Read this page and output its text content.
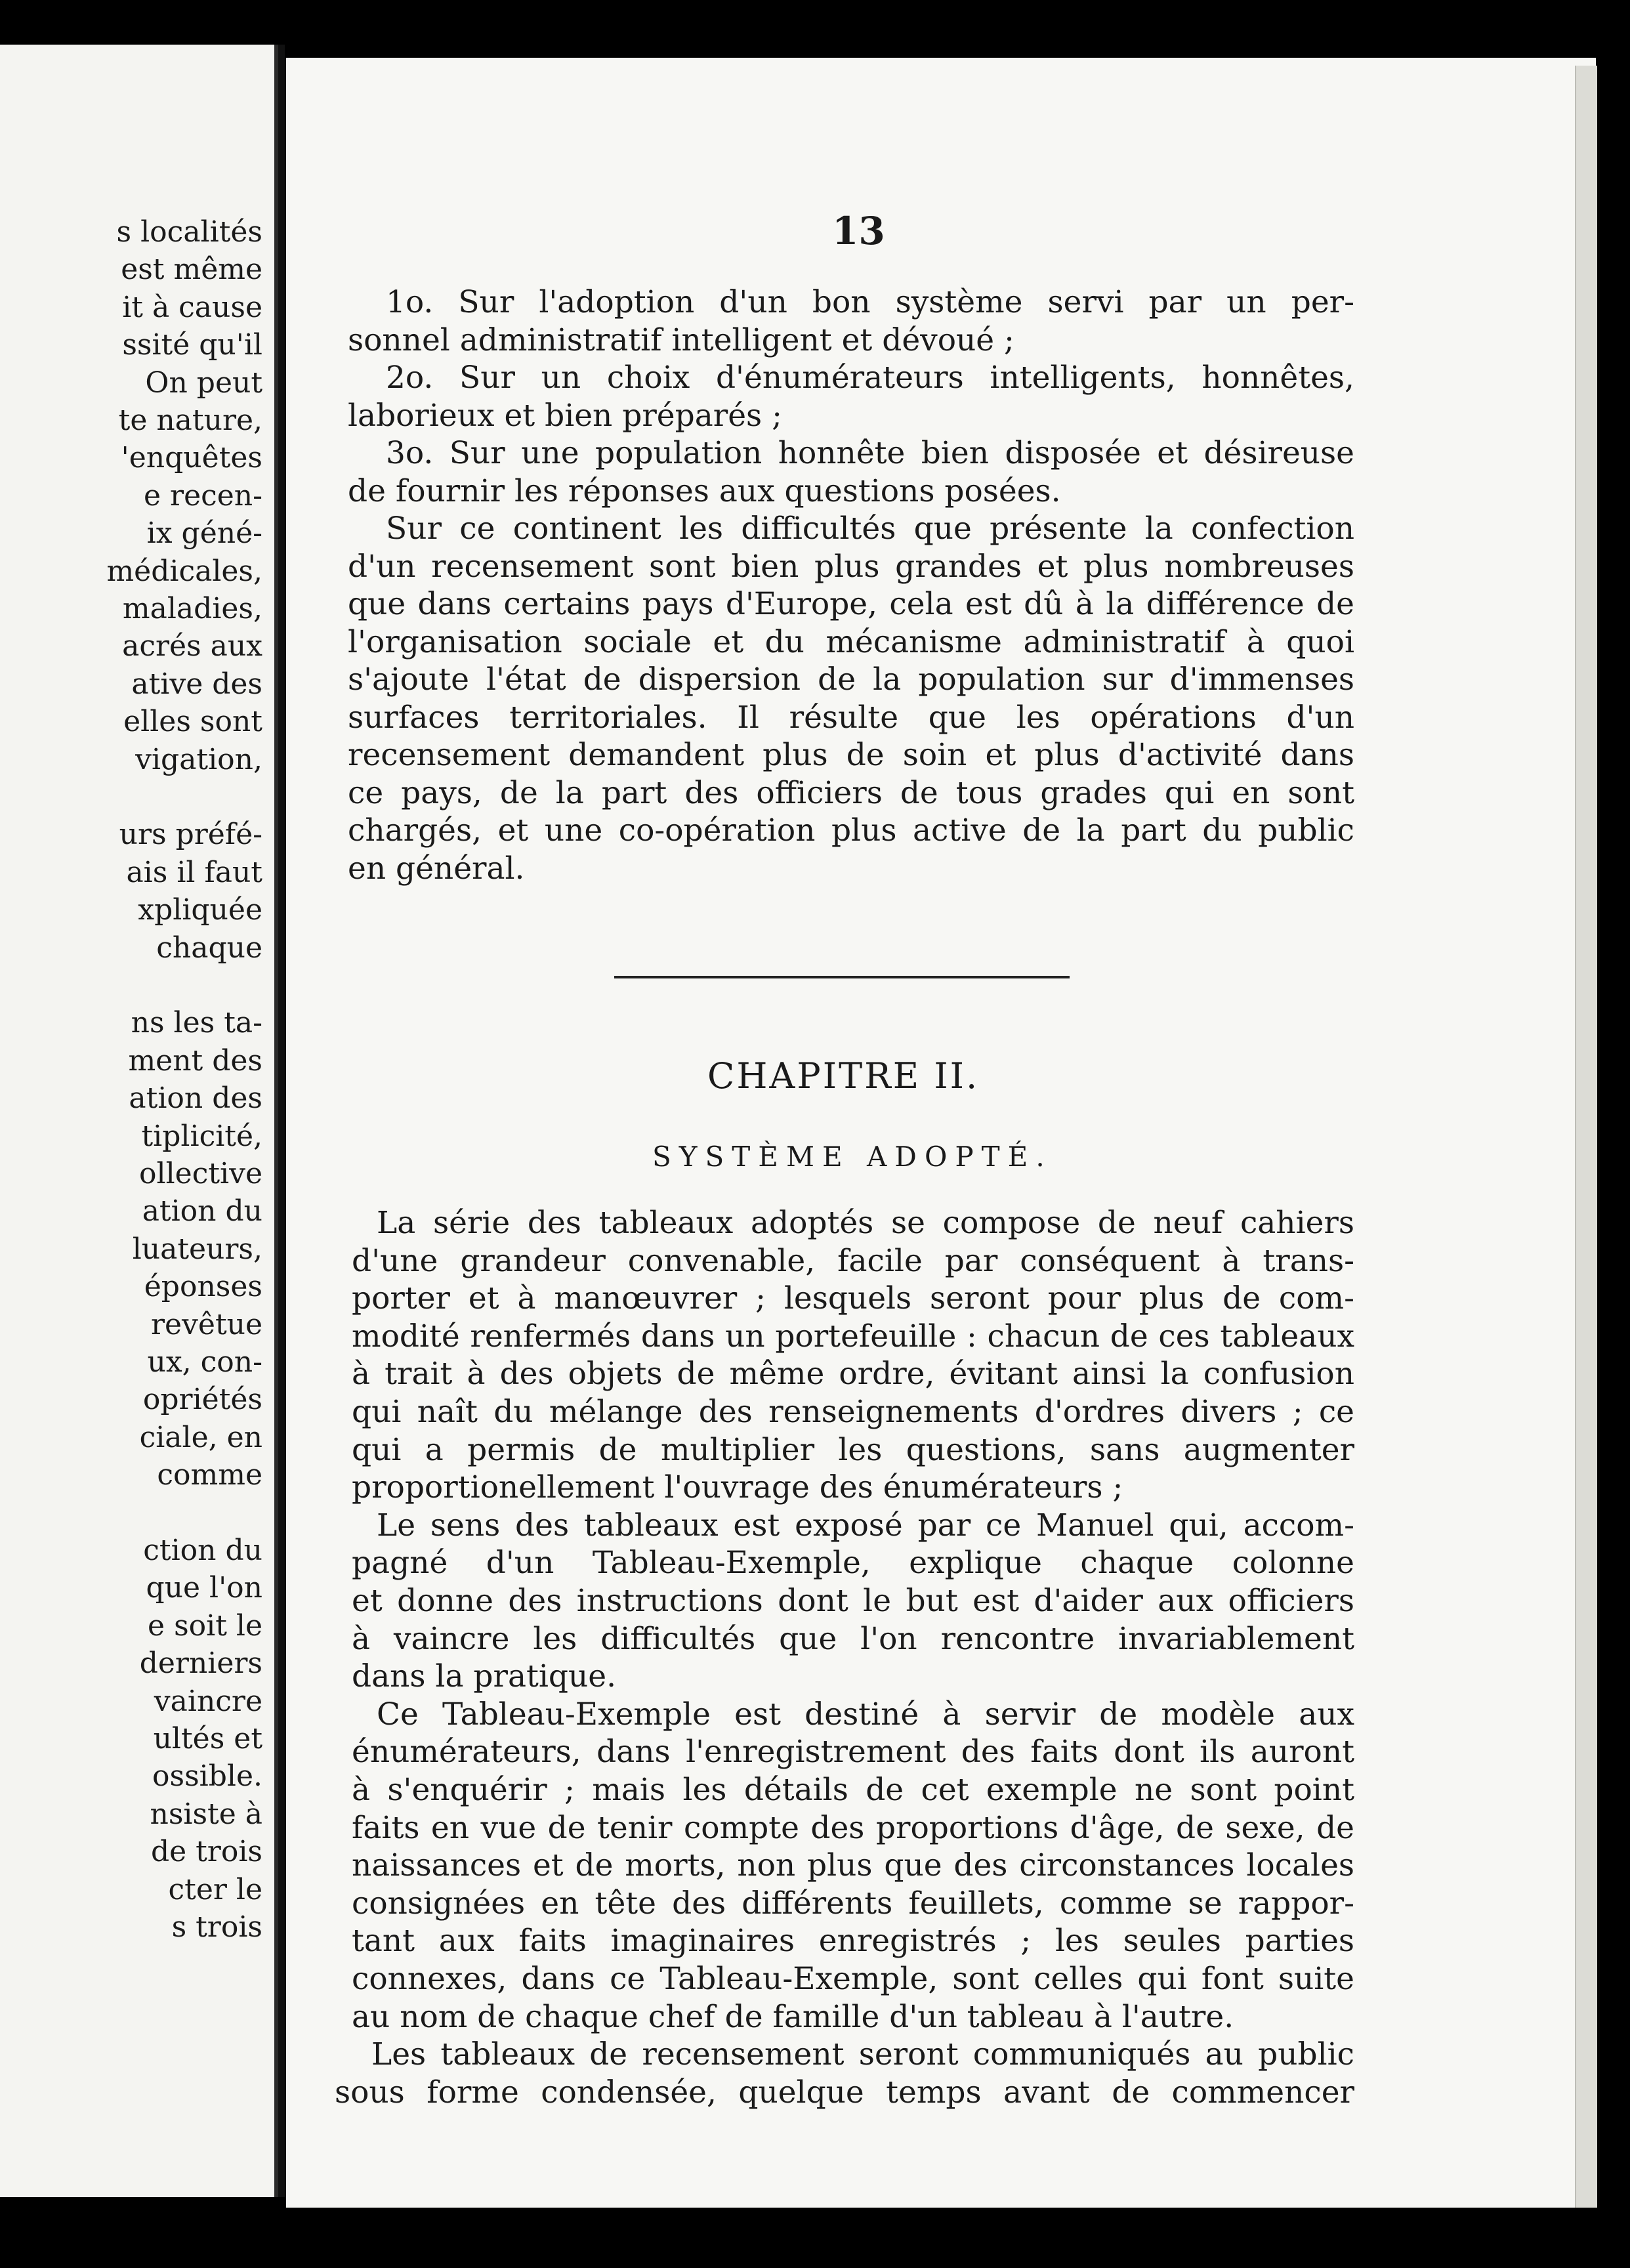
s localités
est même
it à cause
ssité qu'il
On peut
te nature,
'enquêtes
e recen-
ix géné-
médicales,
maladies,
acrés aux
ative des
elles sont
vigation,
urs préfé-
ais il faut
xpliquée
chaque
ns les ta-
ment des
ation des
tiplicité,
ollective
ation du
luateurs,
éponses
revêtue
ux, con-
opriétés
ciale, en
comme
ction du
que l'on
e soit le
derniers
vaincre
ultés et
ossible.
nsiste à
de trois
cter le
s trois
13
1o. Sur l'adoption d'un bon système servi par un per-
sonnel administratif intelligent et dévoué ;
2o. Sur un choix d'énumérateurs intelligents, honnêtes,
laborieux et bien préparés ;
3o. Sur une population honnête bien disposée et désireuse
de fournir les réponses aux questions posées.
Sur ce continent les difficultés que présente la confection
d'un recensement sont bien plus grandes et plus nombreuses
que dans certains pays d'Europe, cela est dû à la différence de
l'organisation sociale et du mécanisme administratif à quoi
s'ajoute l'état de dispersion de la population sur d'immenses
surfaces territoriales. Il résulte que les opérations d'un
recensement demandent plus de soin et plus d'activité dans
ce pays, de la part des officiers de tous grades qui en sont
chargés, et une co-opération plus active de la part du public
en général.
CHAPITRE II.
SYSTÈME ADOPTÉ.
La série des tableaux adoptés se compose de neuf cahiers
d'une grandeur convenable, facile par conséquent à trans-
porter et à manœuvrer ; lesquels seront pour plus de com-
modité renfermés dans un portefeuille : chacun de ces tableaux
à trait à des objets de même ordre, évitant ainsi la confusion
qui naît du mélange des renseignements d'ordres divers ; ce
qui a permis de multiplier les questions, sans augmenter
proportionellement l'ouvrage des énumérateurs ;
Le sens des tableaux est exposé par ce Manuel qui, accom-
pagné d'un Tableau-Exemple, explique chaque colonne
et donne des instructions dont le but est d'aider aux officiers
à vaincre les difficultés que l'on rencontre invariablement
dans la pratique.
Ce Tableau-Exemple est destiné à servir de modèle aux
énumérateurs, dans l'enregistrement des faits dont ils auront
à s'enquérir ; mais les détails de cet exemple ne sont point
faits en vue de tenir compte des proportions d'âge, de sexe, de
naissances et de morts, non plus que des circonstances locales
consignées en tête des différents feuillets, comme se rappor-
tant aux faits imaginaires enregistrés ; les seules parties
connexes, dans ce Tableau-Exemple, sont celles qui font suite
au nom de chaque chef de famille d'un tableau à l'autre.
Les tableaux de recensement seront communiqués au public
sous forme condensée, quelque temps avant de commencer
